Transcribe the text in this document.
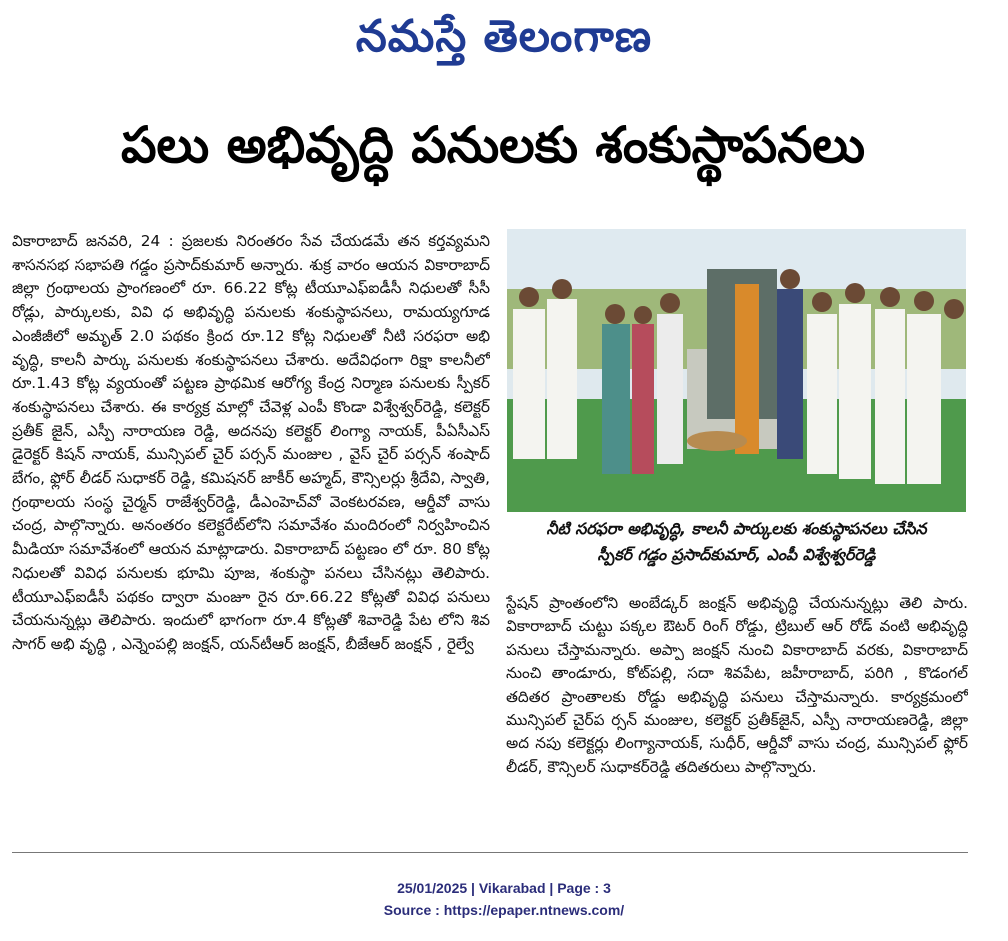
నమస్తే తెలంగాణ
పలు అభివృద్ధి పనులకు శంకుస్థాపనలు

వికారాబాద్ జనవరి, 24 : ప్రజలకు నిరంతరం సేవ చేయడమే తన కర్తవ్యమని శాసనసభ సభాపతి గడ్డం ప్రసాద్‌కుమార్ అన్నారు. శుక్ర వారం ఆయన వికారాబాద్ జిల్లా గ్రంథాలయ ప్రాంగణంలో రూ. 66.22 కోట్ల టీయూఎఫ్‌ఐడీసీ నిధులతో సీసీ రోడ్లు, పార్కులకు, వివి ధ అభివృద్ధి పనులకు శంకుస్థాపనలు, రామయ్యగూడ ఎంజీజీలో అమృత్ 2.0 పథకం క్రింద రూ.12 కోట్ల నిధులతో నీటి సరఫరా అభి వృద్ధి, కాలనీ పార్కు పనులకు శంకుస్థాపనలు చేశారు. అదేవిధంగా రిక్షా కాలనీలో రూ.1.43 కోట్ల వ్యయంతో పట్టణ ప్రాథమిక ఆరోగ్య కేంద్ర నిర్మాణ పనులకు స్పీకర్ శంకుస్థాపనలు చేశారు. ఈ కార్యక్ర మాల్లో చేవెళ్ల ఎంపీ కొండా విశ్వేశ్వర్‌రెడ్డి, కలెక్టర్ ప్రతీక్ జైన్, ఎస్పీ నారాయణ రెడ్డి, అదనపు కలెక్టర్ లింగ్యా నాయక్, పీఏసీఎస్ డైరెక్టర్ కిషన్ నాయక్, మున్సిపల్ చైర్ పర్సన్ మంజుల , వైస్ చైర్ పర్సన్ శంషాద్ బేగం, ఫ్లోర్ లీడర్ సుధాకర్ రెడ్డి, కమిషనర్ జాకీర్ అహ్మద్, కౌన్సిలర్లు శ్రీదేవి, స్వాతి, గ్రంథాలయ సంస్థ చైర్మన్ రాజేశ్వర్‌రెడ్డి, డీఎంహెచ్‌వో వెంకటరవణ, ఆర్డీవో వాసు చంద్ర, పాల్గొన్నారు. అనంతరం కలెక్టరేట్‌లోని సమావేశం మందిరంలో నిర్వహించిన మీడియా సమావేశంలో ఆయన మాట్లాడారు. వికారాబాద్ పట్టణం లో రూ. 80 కోట్ల నిధులతో వివిధ పనులకు భూమి పూజ, శంకుస్థా పనలు చేసినట్లు తెలిపారు. టీయూఎఫ్‌ఐడీసీ పథకం ద్వారా మంజూ రైన రూ.66.22 కోట్లతో వివిధ పనులు చేయనున్నట్లు తెలిపారు. ఇందులో భాగంగా రూ.4 కోట్లతో శివారెడ్డి పేట లోని శివ సాగర్ అభి వృద్ధి , ఎన్నెంపల్లి జంక్షన్, యన్‌టీఆర్ జంక్షన్, బీజేఆర్ జంక్షన్ , రైల్వే

నీటి సరఫరా అభివృద్ధి, కాలనీ పార్కులకు శంకుస్థాపనలు చేసిన
స్పీకర్ గడ్డం ప్రసాద్‌కుమార్, ఎంపీ విశ్వేశ్వర్‌రెడ్డి

స్టేషన్ ప్రాంతంలోని అంబేడ్కర్ జంక్షన్ అభివృద్ధి చేయనున్నట్లు తెలి పారు. వికారాబాద్ చుట్టు పక్కల ఔటర్ రింగ్ రోడ్డు, ట్రిబుల్ ఆర్ రోడ్ వంటి అభివృద్ధి పనులు చేస్తామన్నారు. అప్పా జంక్షన్ నుంచి వికారాబాద్ వరకు, వికారాబాద్ నుంచి తాండూరు, కోట్‌పల్లి, సదా శివపేట, జహీరాబాద్, పరిగి , కొడంగల్ తదితర ప్రాంతాలకు రోడ్డు అభివృద్ధి పనులు చేస్తామన్నారు. కార్యక్రమంలో మున్సిపల్ చైర్‌ప ర్సన్ మంజుల, కలెక్టర్ ప్రతీక్‌జైన్, ఎస్పీ నారాయణరెడ్డి, జిల్లా అద నపు కలెక్టర్లు లింగ్యానాయక్, సుధీర్, ఆర్డీవో వాసు చంద్ర, మున్సిపల్ ఫ్లోర్ లీడర్, కౌన్సిలర్ సుధాకర్‌రెడ్డి తదితరులు పాల్గొన్నారు.

25/01/2025 | Vikarabad | Page : 3
Source : https://epaper.ntnews.com/
